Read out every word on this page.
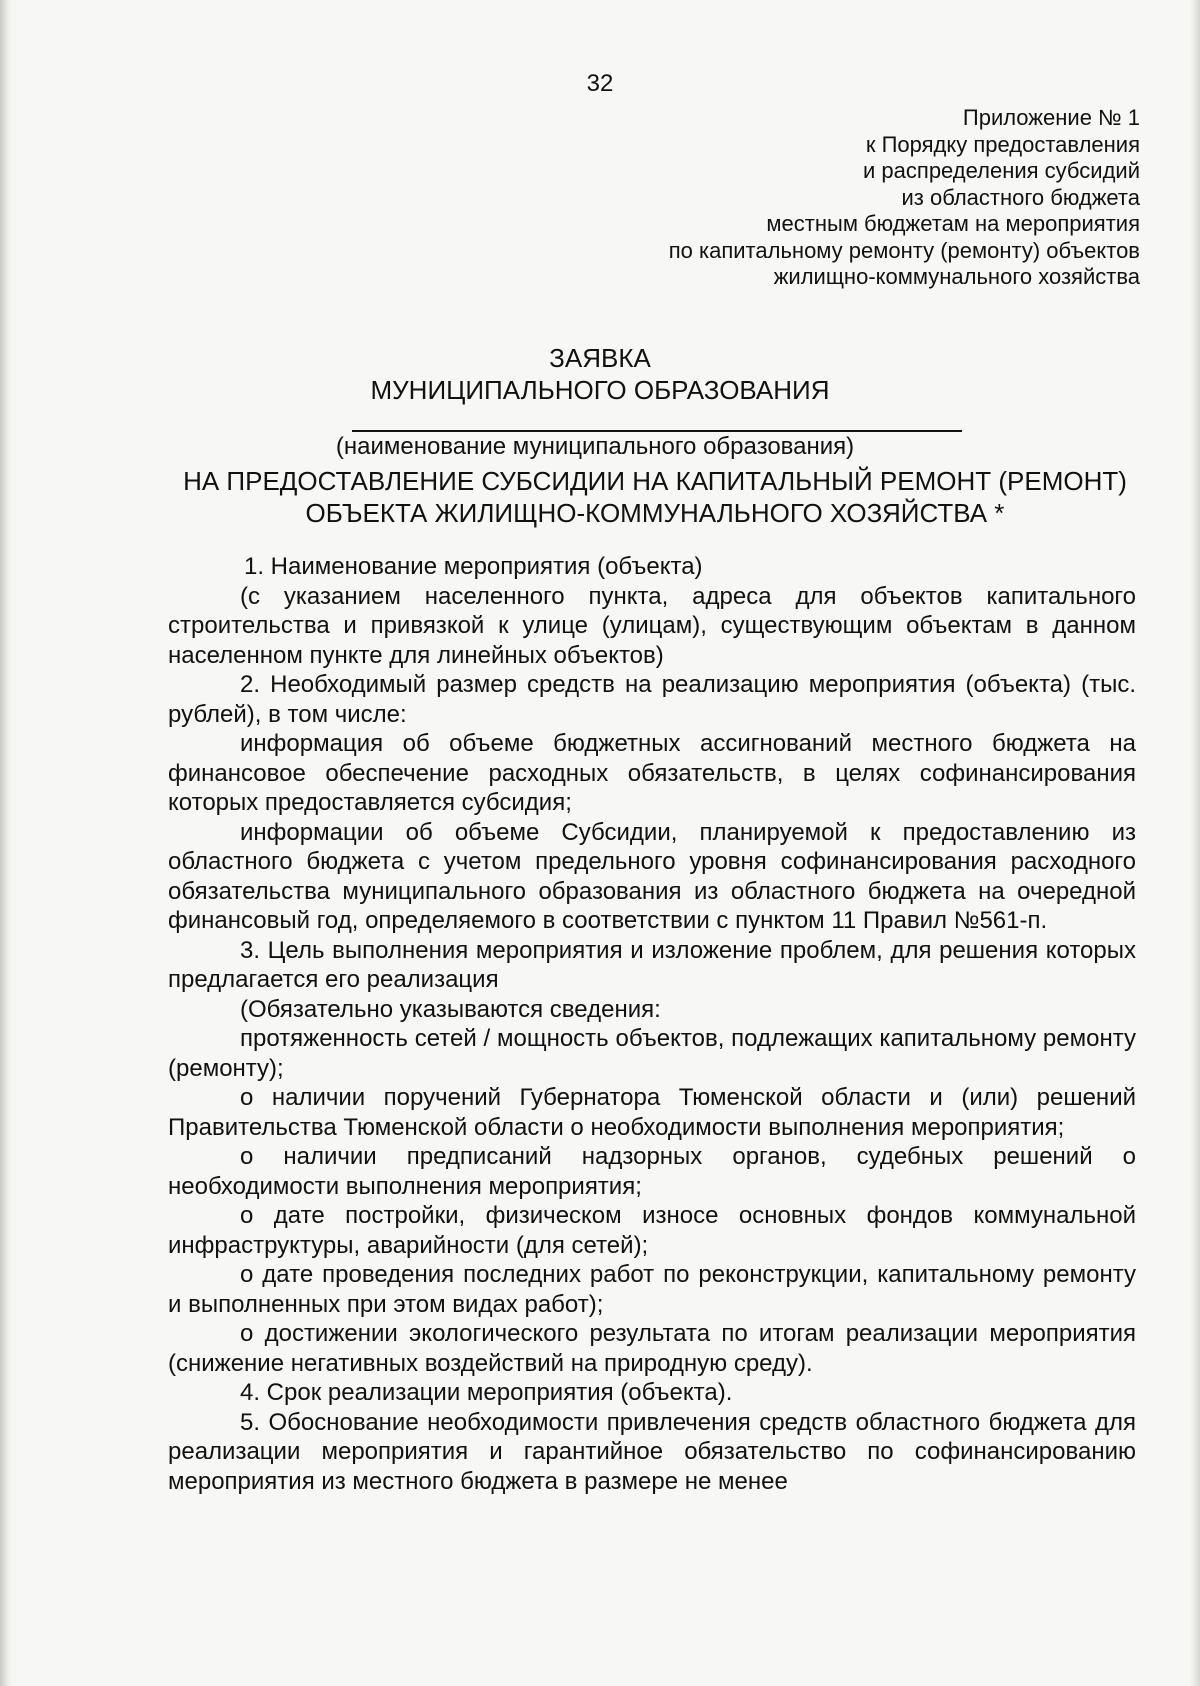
32
Приложение № 1
к Порядку предоставления
и распределения субсидий
из областного бюджета
местным бюджетам на мероприятия
по капитальному ремонту (ремонту) объектов
жилищно-коммунального хозяйства
ЗАЯВКА
МУНИЦИПАЛЬНОГО ОБРАЗОВАНИЯ
(наименование муниципального образования)
НА ПРЕДОСТАВЛЕНИЕ СУБСИДИИ НА КАПИТАЛЬНЫЙ РЕМОНТ (РЕМОНТ)
ОБЪЕКТА ЖИЛИЩНО-КОММУНАЛЬНОГО ХОЗЯЙСТВА *

1. Наименование мероприятия (объекта)

(с указанием населенного пункта, адреса для объектов капитального строительства и привязкой к улице (улицам), существующим объектам в данном населенном пункте для линейных объектов)

2. Необходимый размер средств на реализацию мероприятия (объекта) (тыс. рублей), в том числе:

информация об объеме бюджетных ассигнований местного бюджета на финансовое обеспечение расходных обязательств, в целях софинансирования которых предоставляется субсидия;

информации об объеме Субсидии, планируемой к предоставлению из областного бюджета с учетом предельного уровня софинансирования расходного обязательства муниципального образования из областного бюджета на очередной финансовый год, определяемого в соответствии с пунктом 11 Правил №561-п.

3. Цель выполнения мероприятия и изложение проблем, для решения которых предлагается его реализация

(Обязательно указываются сведения:

протяженность сетей / мощность объектов, подлежащих капитальному ремонту (ремонту);

о наличии поручений Губернатора Тюменской области и (или) решений Правительства Тюменской области о необходимости выполнения мероприятия;

о наличии предписаний надзорных органов, судебных решений о необходимости выполнения мероприятия;

о дате постройки, физическом износе основных фондов коммунальной инфраструктуры, аварийности (для сетей);

о дате проведения последних работ по реконструкции, капитальному ремонту и выполненных при этом видах работ);

о достижении экологического результата по итогам реализации мероприятия (снижение негативных воздействий на природную среду).

4. Срок реализации мероприятия (объекта).

5. Обоснование необходимости привлечения средств областного бюджета для реализации мероприятия и гарантийное обязательство по софинансированию мероприятия из местного бюджета в размере не менее
